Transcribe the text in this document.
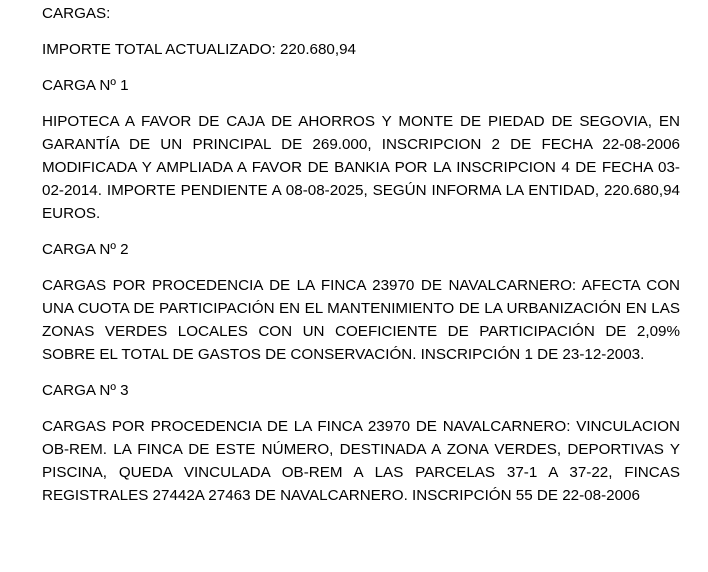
CARGAS:

IMPORTE TOTAL ACTUALIZADO: 220.680,94

CARGA Nº 1

HIPOTECA A FAVOR DE CAJA DE AHORROS Y MONTE DE PIEDAD DE SEGOVIA, EN GARANTÍA DE UN PRINCIPAL DE 269.000, INSCRIPCION 2 DE FECHA 22-08-2006 MODIFICADA Y AMPLIADA A FAVOR DE BANKIA POR LA INSCRIPCION 4 DE FECHA 03-02-2014. IMPORTE PENDIENTE A 08-08-2025, SEGÚN INFORMA LA ENTIDAD, 220.680,94 EUROS.

CARGA Nº 2

CARGAS POR PROCEDENCIA DE LA FINCA 23970 DE NAVALCARNERO: AFECTA CON UNA CUOTA DE PARTICIPACIÓN EN EL MANTENIMIENTO DE LA URBANIZACIÓN EN LAS ZONAS VERDES LOCALES CON UN COEFICIENTE DE PARTICIPACIÓN DE 2,09% SOBRE EL TOTAL DE GASTOS DE CONSERVACIÓN. INSCRIPCIÓN 1 DE 23-12-2003.

CARGA Nº 3

CARGAS POR PROCEDENCIA DE LA FINCA 23970 DE NAVALCARNERO: VINCULACION OB-REM. LA FINCA DE ESTE NÚMERO, DESTINADA A ZONA VERDES, DEPORTIVAS Y PISCINA, QUEDA VINCULADA OB-REM A LAS PARCELAS 37-1 A 37-22, FINCAS REGISTRALES 27442A 27463 DE NAVALCARNERO. INSCRIPCIÓN 55 DE 22-08-2006
